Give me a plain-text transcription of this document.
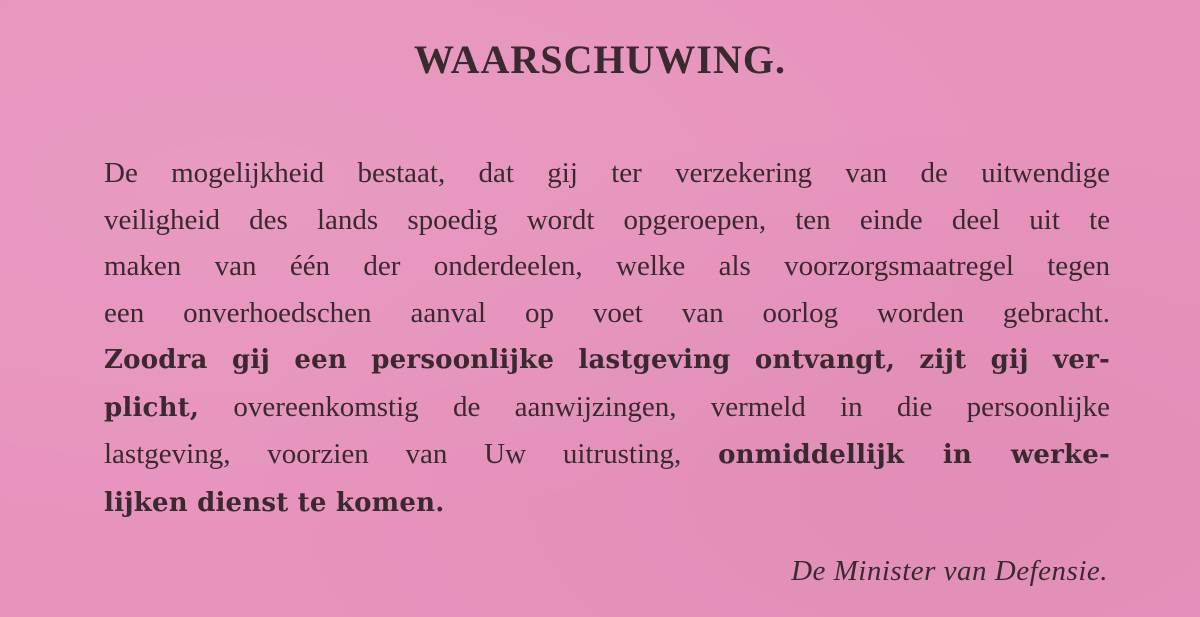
WAARSCHUWING.
De mogelijkheid bestaat, dat gij ter verzekering van de uitwendige
veiligheid des lands spoedig wordt opgeroepen, ten einde deel uit te
maken van één der onderdeelen, welke als voorzorgsmaatregel tegen
een onverhoedschen aanval op voet van oorlog worden gebracht.
Zoodra gij een persoonlijke lastgeving ontvangt, zijt gij ver-
plicht, overeenkomstig de aanwijzingen, vermeld in die persoonlijke
lastgeving, voorzien van Uw uitrusting, onmiddellijk in werke-
lijken dienst te komen.
De Minister van Defensie.
